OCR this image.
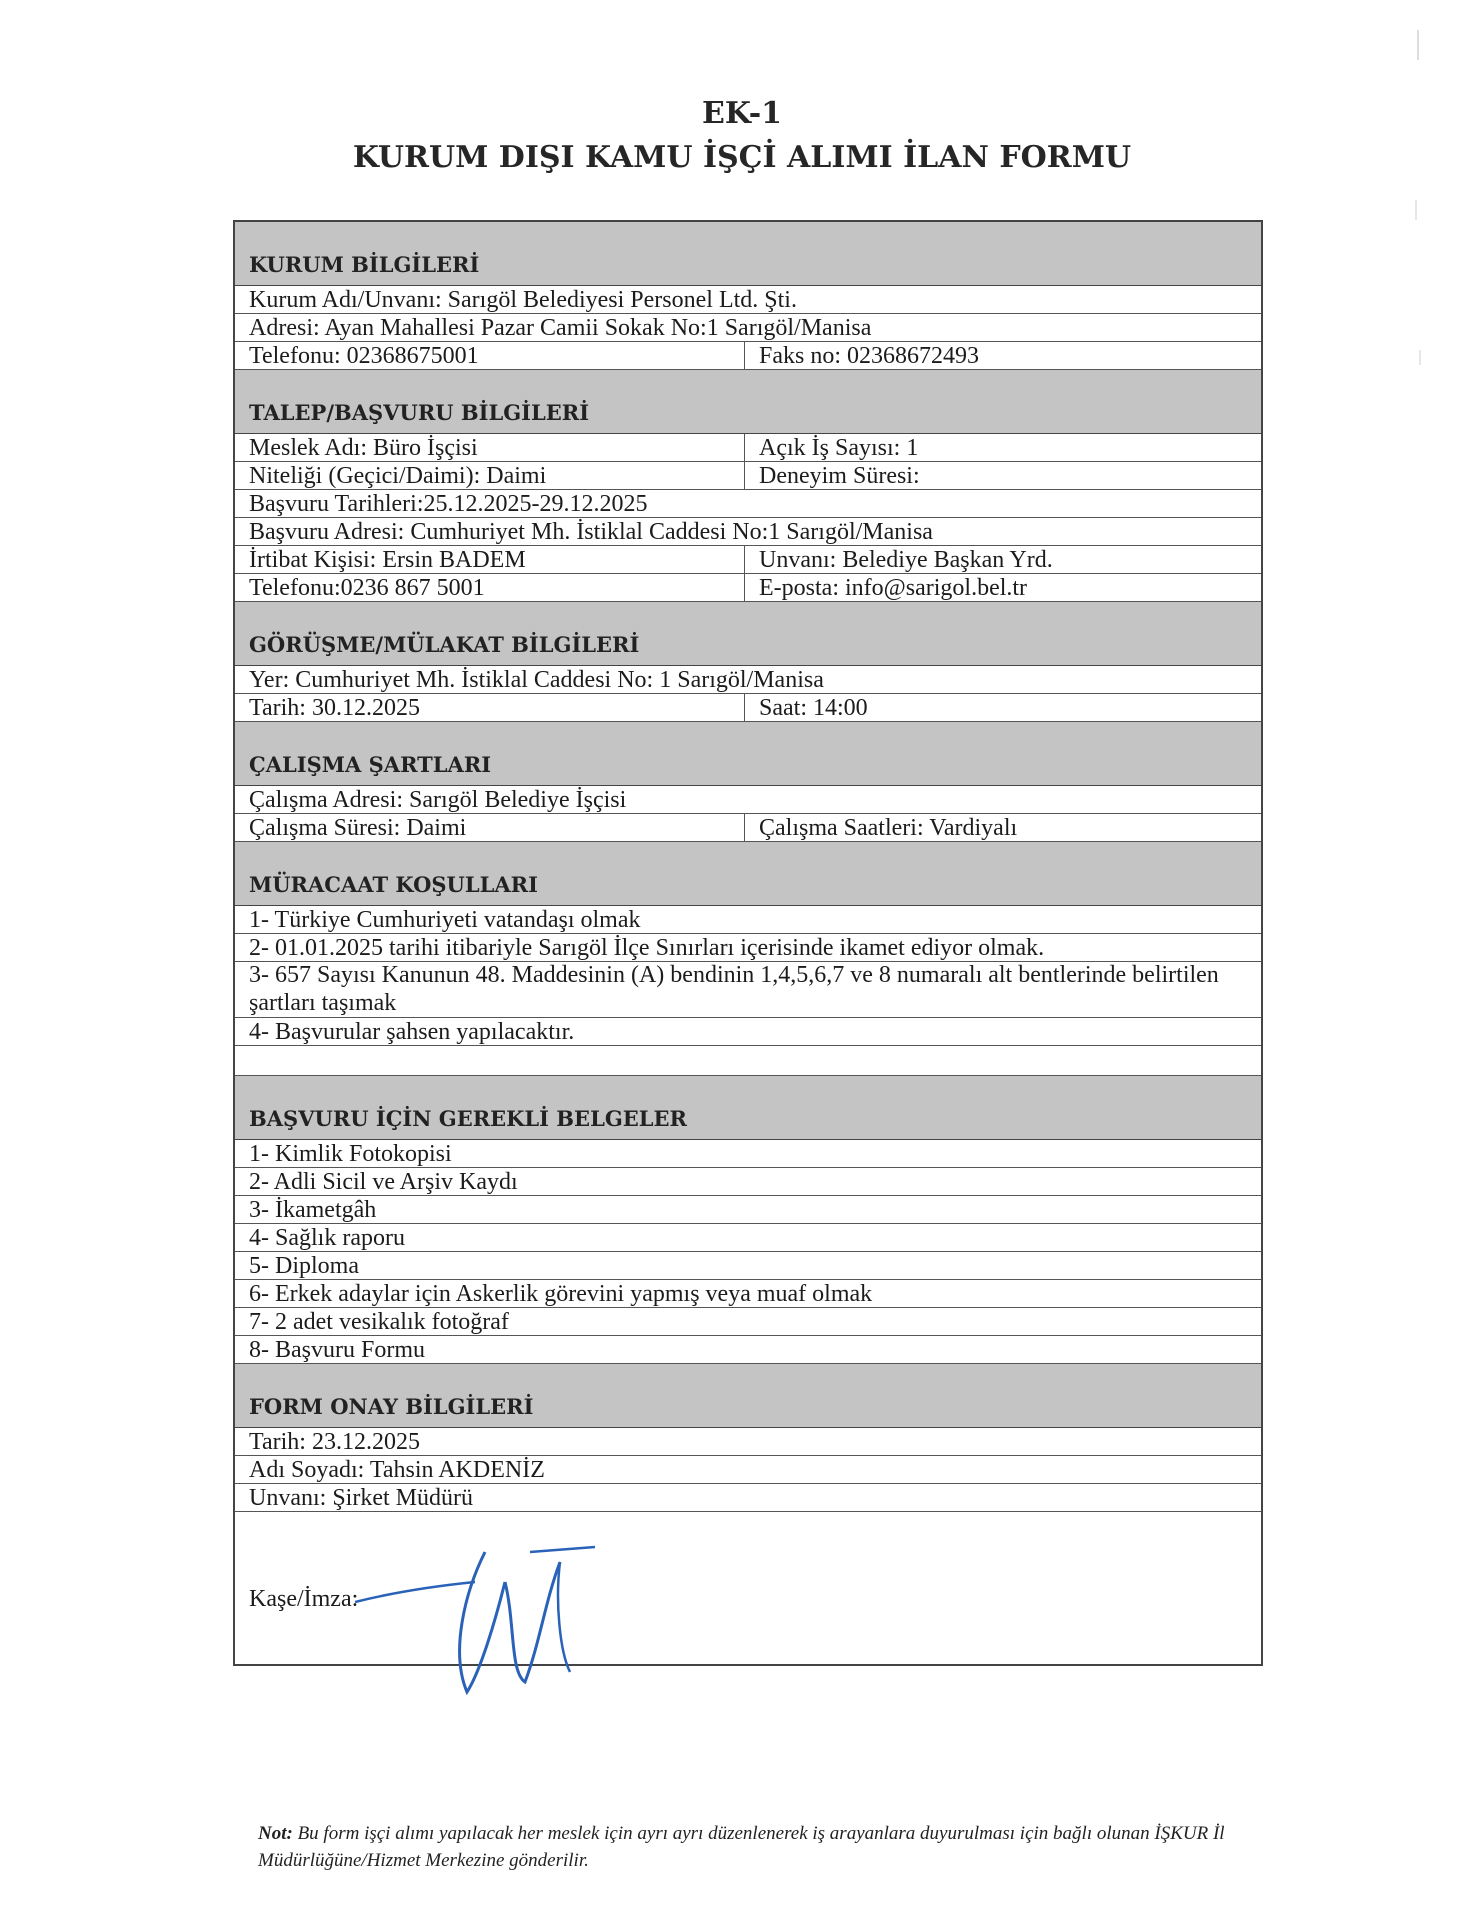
EK-1
KURUM DIŞI KAMU İŞÇİ ALIMI İLAN FORMU
KURUM BİLGİLERİ
Kurum Adı/Unvanı: Sarıgöl Belediyesi Personel Ltd. Şti.
Adresi: Ayan Mahallesi Pazar Camii Sokak No:1 Sarıgöl/Manisa
Telefonu: 02368675001	Faks no: 02368672493
TALEP/BAŞVURU BİLGİLERİ
Meslek Adı: Büro İşçisi	Açık İş Sayısı: 1
Niteliği (Geçici/Daimi): Daimi	Deneyim Süresi:
Başvuru Tarihleri:25.12.2025-29.12.2025
Başvuru Adresi: Cumhuriyet Mh. İstiklal Caddesi No:1 Sarıgöl/Manisa
İrtibat Kişisi: Ersin BADEM	Unvanı: Belediye Başkan Yrd.
Telefonu:0236 867 5001	E-posta: info@sarigol.bel.tr
GÖRÜŞME/MÜLAKAT BİLGİLERİ
Yer: Cumhuriyet Mh. İstiklal Caddesi No: 1 Sarıgöl/Manisa
Tarih: 30.12.2025	Saat: 14:00
ÇALIŞMA ŞARTLARI
Çalışma Adresi: Sarıgöl Belediye İşçisi
Çalışma Süresi: Daimi	Çalışma Saatleri: Vardiyalı
MÜRACAAT KOŞULLARI
1- Türkiye Cumhuriyeti vatandaşı olmak
2- 01.01.2025 tarihi itibariyle Sarıgöl İlçe Sınırları içerisinde ikamet ediyor olmak.
3- 657 Sayısı Kanunun 48. Maddesinin (A) bendinin 1,4,5,6,7 ve 8 numaralı alt bentlerinde belirtilen şartları taşımak
4- Başvurular şahsen yapılacaktır.
BAŞVURU İÇİN GEREKLİ BELGELER
1- Kimlik Fotokopisi
2- Adli Sicil ve Arşiv Kaydı
3- İkametgâh
4- Sağlık raporu
5- Diploma
6- Erkek adaylar için Askerlik görevini yapmış veya muaf olmak
7- 2 adet vesikalık fotoğraf
8- Başvuru Formu
FORM ONAY BİLGİLERİ
Tarih: 23.12.2025
Adı Soyadı: Tahsin AKDENİZ
Unvanı: Şirket Müdürü
Kaşe/İmza:
Not: Bu form işçi alımı yapılacak her meslek için ayrı ayrı düzenlenerek iş arayanlara duyurulması için bağlı olunan İŞKUR İl Müdürlüğüne/Hizmet Merkezine gönderilir.
